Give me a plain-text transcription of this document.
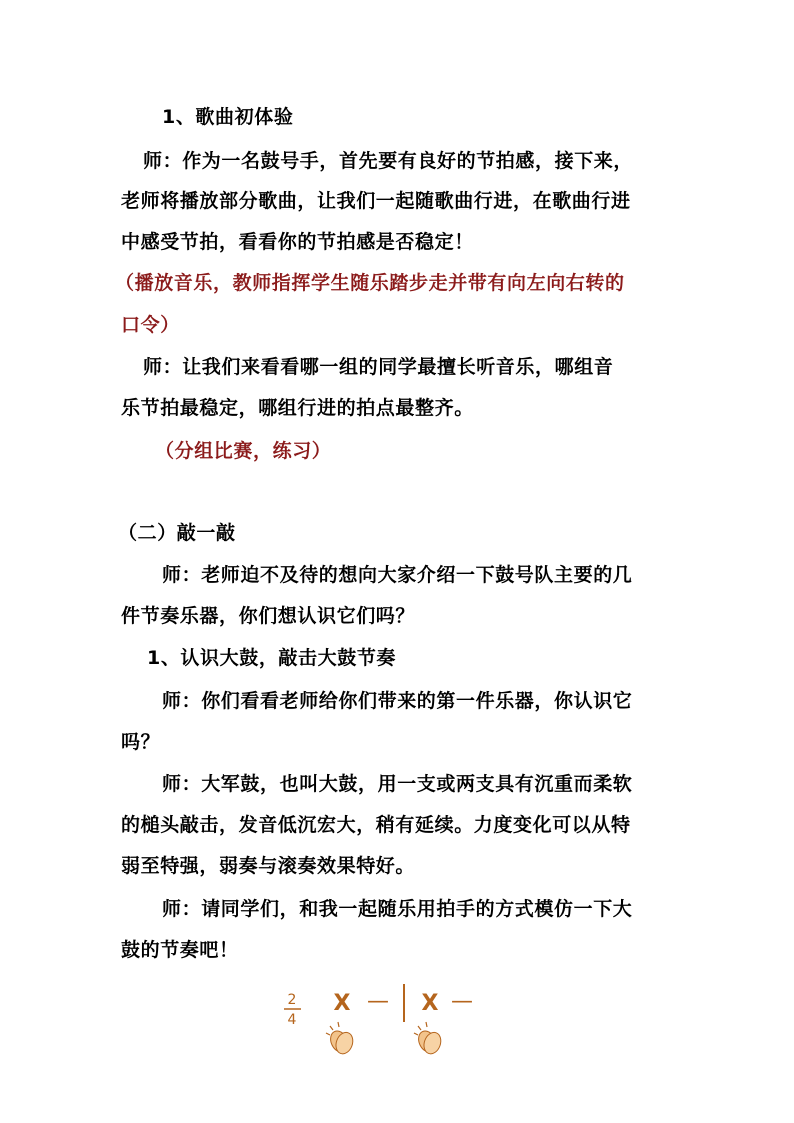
1、歌曲初体验
师：作为一名鼓号手，首先要有良好的节拍感，接下来，
老师将播放部分歌曲，让我们一起随歌曲行进，在歌曲行进
中感受节拍，看看你的节拍感是否稳定！
（播放音乐，教师指挥学生随乐踏步走并带有向左向右转的
口令）
师：让我们来看看哪一组的同学最擅长听音乐，哪组音
乐节拍最稳定，哪组行进的拍点最整齐。
（分组比赛，练习）
（二）敲一敲
师：老师迫不及待的想向大家介绍一下鼓号队主要的几
件节奏乐器，你们想认识它们吗？
1、认识大鼓，敲击大鼓节奏
师：你们看看老师给你们带来的第一件乐器，你认识它
吗？
师：大军鼓，也叫大鼓，用一支或两支具有沉重而柔软
的槌头敲击，发音低沉宏大，稍有延续。力度变化可以从特
弱至特强，弱奏与滚奏效果特好。
师：请同学们，和我一起随乐用拍手的方式模仿一下大
鼓的节奏吧！
2
4
X — X —
